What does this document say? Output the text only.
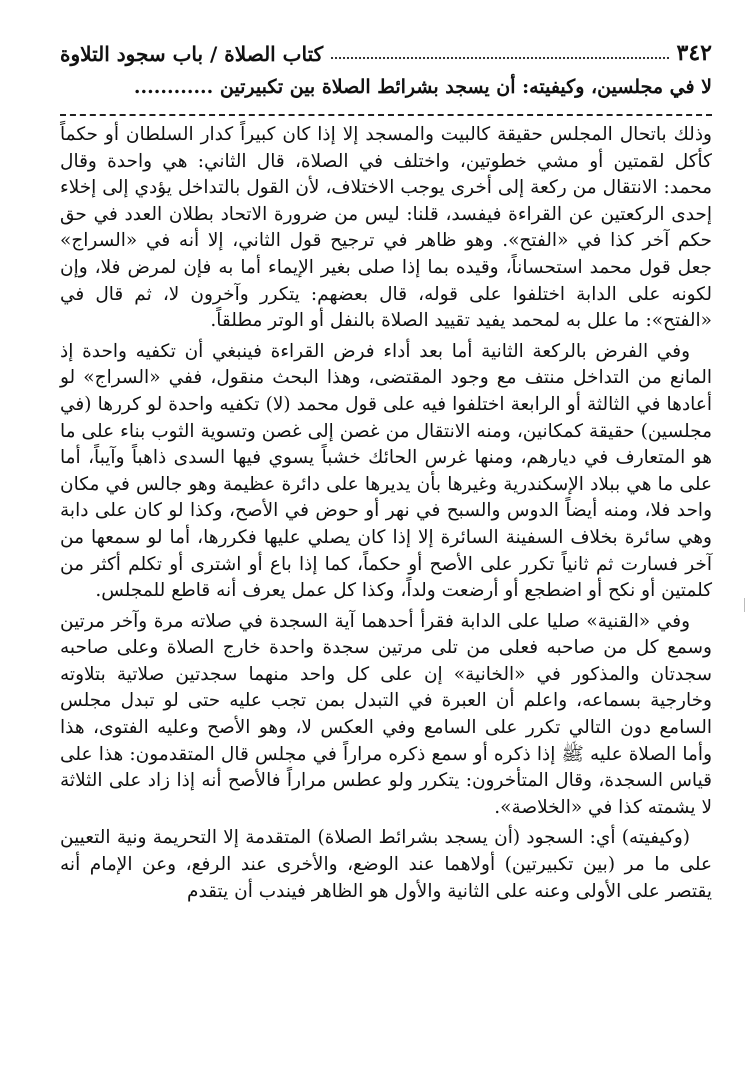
٣٤٢
كتاب الصلاة / باب سجود التلاوة
لا في مجلسين، وكيفيته: أن يسجد بشرائط الصلاة بين تكبيرتين ............

وذلك باتحال المجلس حقيقة كالبيت والمسجد إلا إذا كان كبيراً كدار السلطان أو حكماً كأكل لقمتين أو مشي خطوتين، واختلف في الصلاة، قال الثاني: هي واحدة وقال محمد: الانتقال من ركعة إلى أخرى يوجب الاختلاف، لأن القول بالتداخل يؤدي إلى إخلاء إحدى الركعتين عن القراءة فيفسد، قلنا: ليس من ضرورة الاتحاد بطلان العدد في حق حكم آخر كذا في «الفتح». وهو ظاهر في ترجيح قول الثاني، إلا أنه في «السراج» جعل قول محمد استحساناً، وقيده بما إذا صلى بغير الإيماء أما به فإن لمرض فلا، وإن لكونه على الدابة اختلفوا على قوله، قال بعضهم: يتكرر وآخرون لا، ثم قال في «الفتح»: ما علل به لمحمد يفيد تقييد الصلاة بالنفل أو الوتر مطلقاً.

وفي الفرض بالركعة الثانية أما بعد أداء فرض القراءة فينبغي أن تكفيه واحدة إذ المانع من التداخل منتف مع وجود المقتضى، وهذا البحث منقول، ففي «السراج» لو أعادها في الثالثة أو الرابعة اختلفوا فيه على قول محمد (لا) تكفيه واحدة لو كررها (في مجلسين) حقيقة كمكانين، ومنه الانتقال من غصن إلى غصن وتسوية الثوب بناء على ما هو المتعارف في ديارهم، ومنها غرس الحائك خشباً يسوي فيها السدى ذاهباً وآيباً، أما على ما هي ببلاد الإسكندرية وغيرها بأن يديرها على دائرة عظيمة وهو جالس في مكان واحد فلا، ومنه أيضاً الدوس والسبح في نهر أو حوض في الأصح، وكذا لو كان على دابة وهي سائرة بخلاف السفينة السائرة إلا إذا كان يصلي عليها فكررها، أما لو سمعها من آخر فسارت ثم ثانياً تكرر على الأصح أو حكماً، كما إذا باع أو اشترى أو تكلم أكثر من كلمتين أو نكح أو اضطجع أو أرضعت ولداً، وكذا كل عمل يعرف أنه قاطع للمجلس.

وفي «القنية» صليا على الدابة فقرأ أحدهما آية السجدة في صلاته مرة وآخر مرتين وسمع كل من صاحبه فعلى من تلى مرتين سجدة واحدة خارج الصلاة وعلى صاحبه سجدتان والمذكور في «الخانية» إن على كل واحد منهما سجدتين صلاتية بتلاوته وخارجية بسماعه، واعلم أن العبرة في التبدل بمن تجب عليه حتى لو تبدل مجلس السامع دون التالي تكرر على السامع وفي العكس لا، وهو الأصح وعليه الفتوى، هذا وأما الصلاة عليه ﷺ إذا ذكره أو سمع ذكره مراراً في مجلس قال المتقدمون: هذا على قياس السجدة، وقال المتأخرون: يتكرر ولو عطس مراراً فالأصح أنه إذا زاد على الثلاثة لا يشمته كذا في «الخلاصة».

(وكيفيته) أي: السجود (أن يسجد بشرائط الصلاة) المتقدمة إلا التحريمة ونية التعيين على ما مر (بين تكبيرتين) أولاهما عند الوضع، والأخرى عند الرفع، وعن الإمام أنه يقتصر على الأولى وعنه على الثانية والأول هو الظاهر فيندب أن يتقدم
